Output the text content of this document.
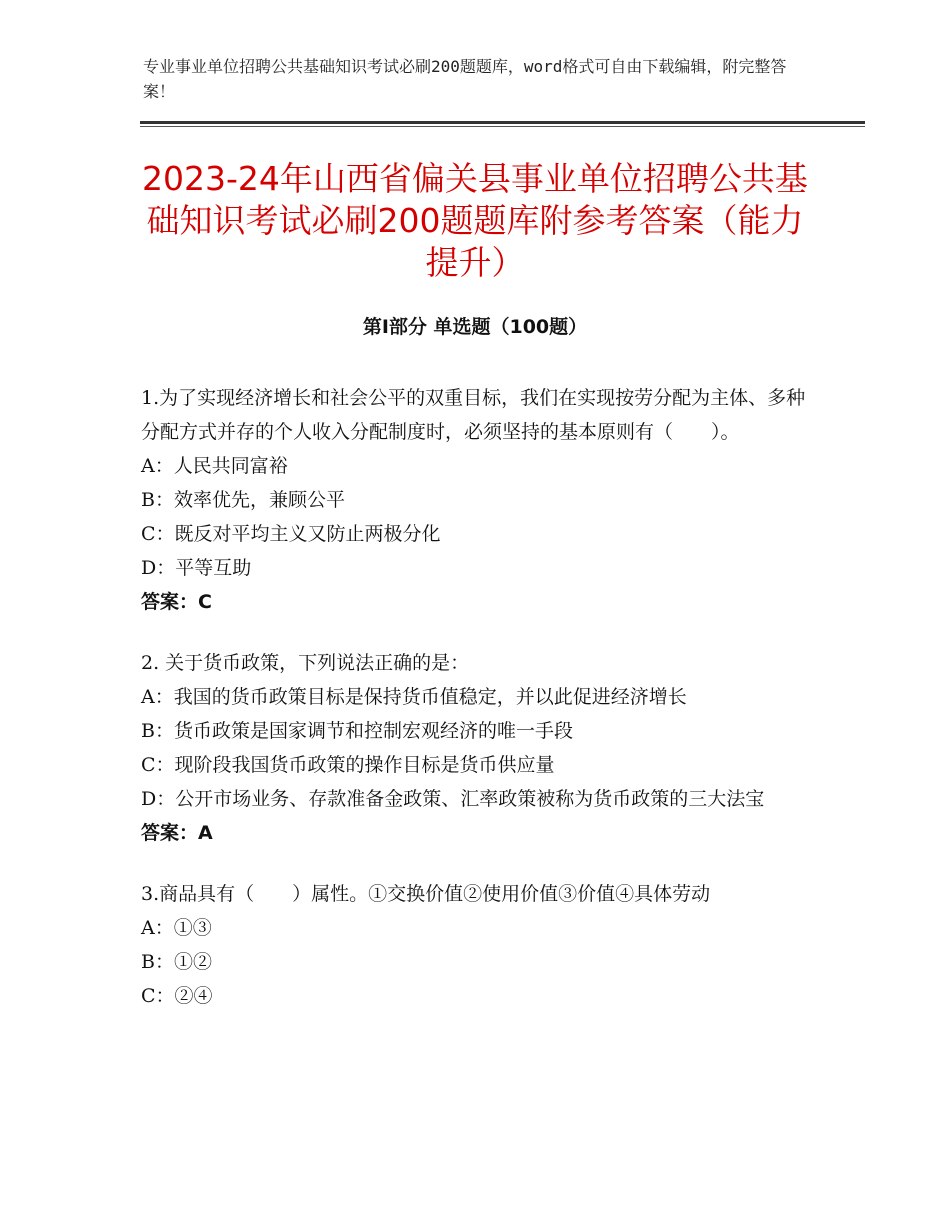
专业事业单位招聘公共基础知识考试必刷200题题库，word格式可自由下载编辑，附完整答案！
2023-24年山西省偏关县事业单位招聘公共基础知识考试必刷200题题库附参考答案（能力提升）
第Ⅰ部分 单选题（100题）

1.为了实现经济增长和社会公平的双重目标，我们在实现按劳分配为主体、多种分配方式并存的个人收入分配制度时，必须坚持的基本原则有（　　）。

A：人民共同富裕

B：效率优先，兼顾公平

C：既反对平均主义又防止两极分化

D：平等互助

答案：C

2. 关于货币政策，下列说法正确的是：

A：我国的货币政策目标是保持货币值稳定，并以此促进经济增长

B：货币政策是国家调节和控制宏观经济的唯一手段

C：现阶段我国货币政策的操作目标是货币供应量

D：公开市场业务、存款准备金政策、汇率政策被称为货币政策的三大法宝

答案：A

3.商品具有（　　）属性。①交换价值②使用价值③价值④具体劳动

A：①③

B：①②

C：②④
